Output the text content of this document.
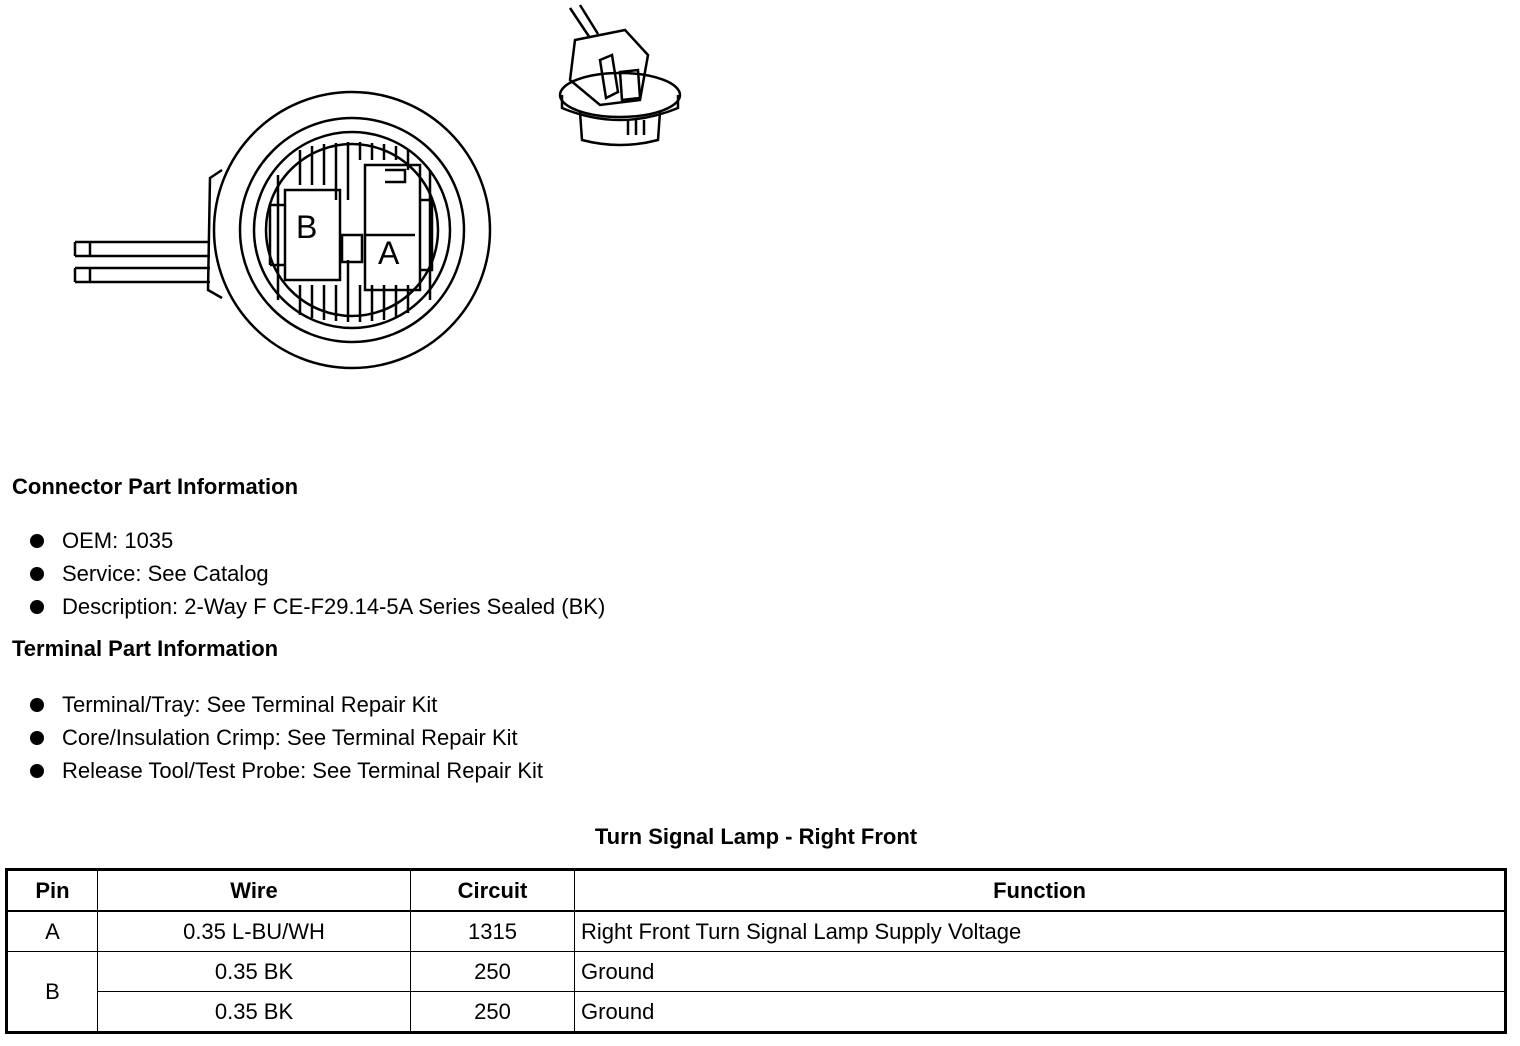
B
A
Connector Part Information
OEM: 1035
Service: See Catalog
Description: 2-Way F CE-F29.14-5A Series Sealed (BK)
Terminal Part Information
Terminal/Tray: See Terminal Repair Kit
Core/Insulation Crimp: See Terminal Repair Kit
Release Tool/Test Probe: See Terminal Repair Kit
Turn Signal Lamp - Right Front
Pin	Wire	Circuit	Function
A	0.35 L-BU/WH	1315	Right Front Turn Signal Lamp Supply Voltage
B	0.35 BK	250	Ground
	0.35 BK	250	Ground
